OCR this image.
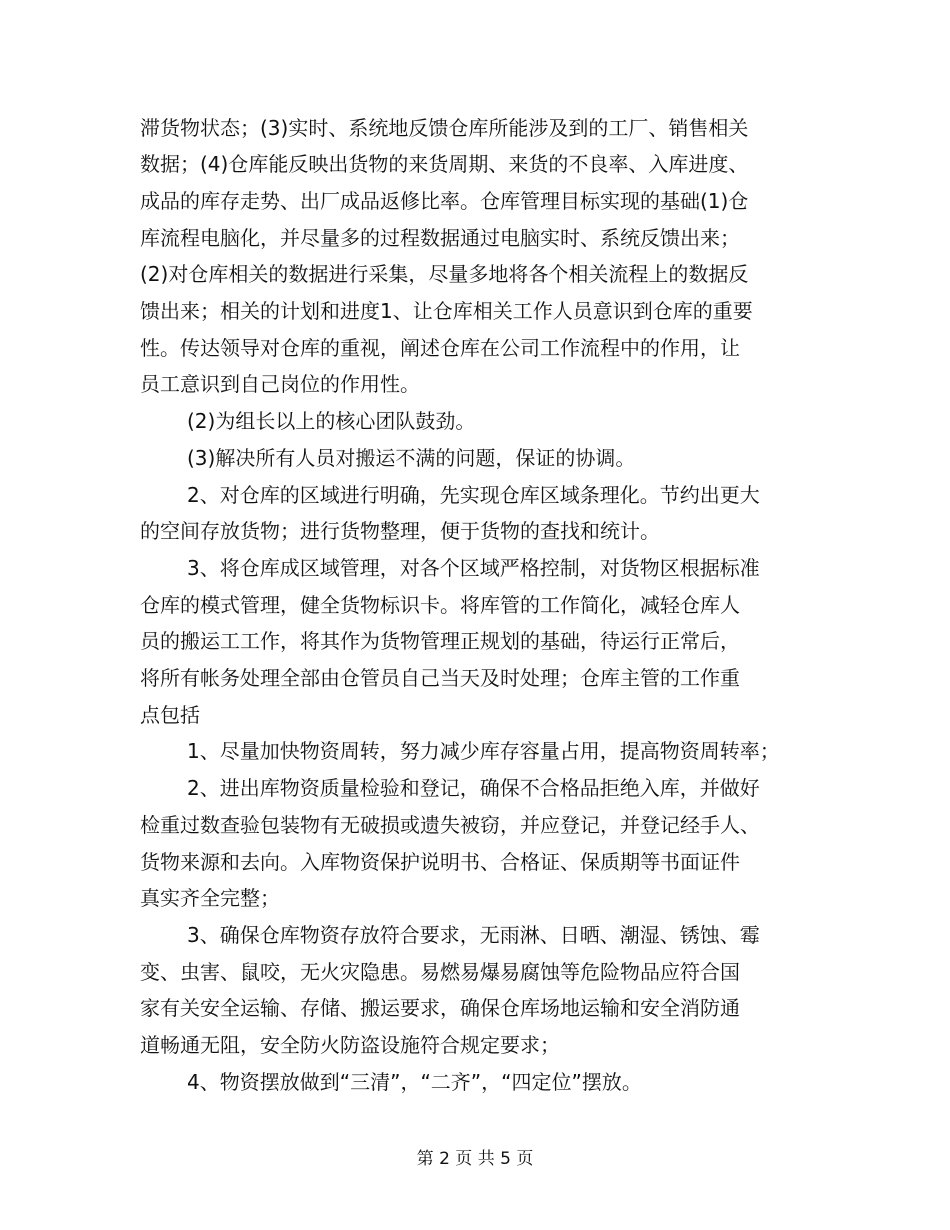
滞货物状态；(3)实时、系统地反馈仓库所能涉及到的工厂、销售相关
数据；(4)仓库能反映出货物的来货周期、来货的不良率、入库进度、
成品的库存走势、出厂成品返修比率。仓库管理目标实现的基础(1)仓
库流程电脑化，并尽量多的过程数据通过电脑实时、系统反馈出来；
(2)对仓库相关的数据进行采集，尽量多地将各个相关流程上的数据反
馈出来；相关的计划和进度1、让仓库相关工作人员意识到仓库的重要
性。传达领导对仓库的重视，阐述仓库在公司工作流程中的作用，让
员工意识到自己岗位的作用性。
(2)为组长以上的核心团队鼓劲。
(3)解决所有人员对搬运不满的问题，保证的协调。
2、对仓库的区域进行明确，先实现仓库区域条理化。节约出更大
的空间存放货物；进行货物整理，便于货物的查找和统计。
3、将仓库成区域管理，对各个区域严格控制，对货物区根据标准
仓库的模式管理，健全货物标识卡。将库管的工作简化，减轻仓库人
员的搬运工工作，将其作为货物管理正规划的基础，待运行正常后，
将所有帐务处理全部由仓管员自己当天及时处理；仓库主管的工作重
点包括
1、尽量加快物资周转，努力减少库存容量占用，提高物资周转率；
2、进出库物资质量检验和登记，确保不合格品拒绝入库，并做好
检重过数查验包装物有无破损或遗失被窃，并应登记，并登记经手人、
货物来源和去向。入库物资保护说明书、合格证、保质期等书面证件
真实齐全完整；
3、确保仓库物资存放符合要求，无雨淋、日晒、潮湿、锈蚀、霉
变、虫害、鼠咬，无火灾隐患。易燃易爆易腐蚀等危险物品应符合国
家有关安全运输、存储、搬运要求，确保仓库场地运输和安全消防通
道畅通无阻，安全防火防盗设施符合规定要求；
4、物资摆放做到“三清”，“二齐”，“四定位”摆放。
第 2 页 共 5 页
